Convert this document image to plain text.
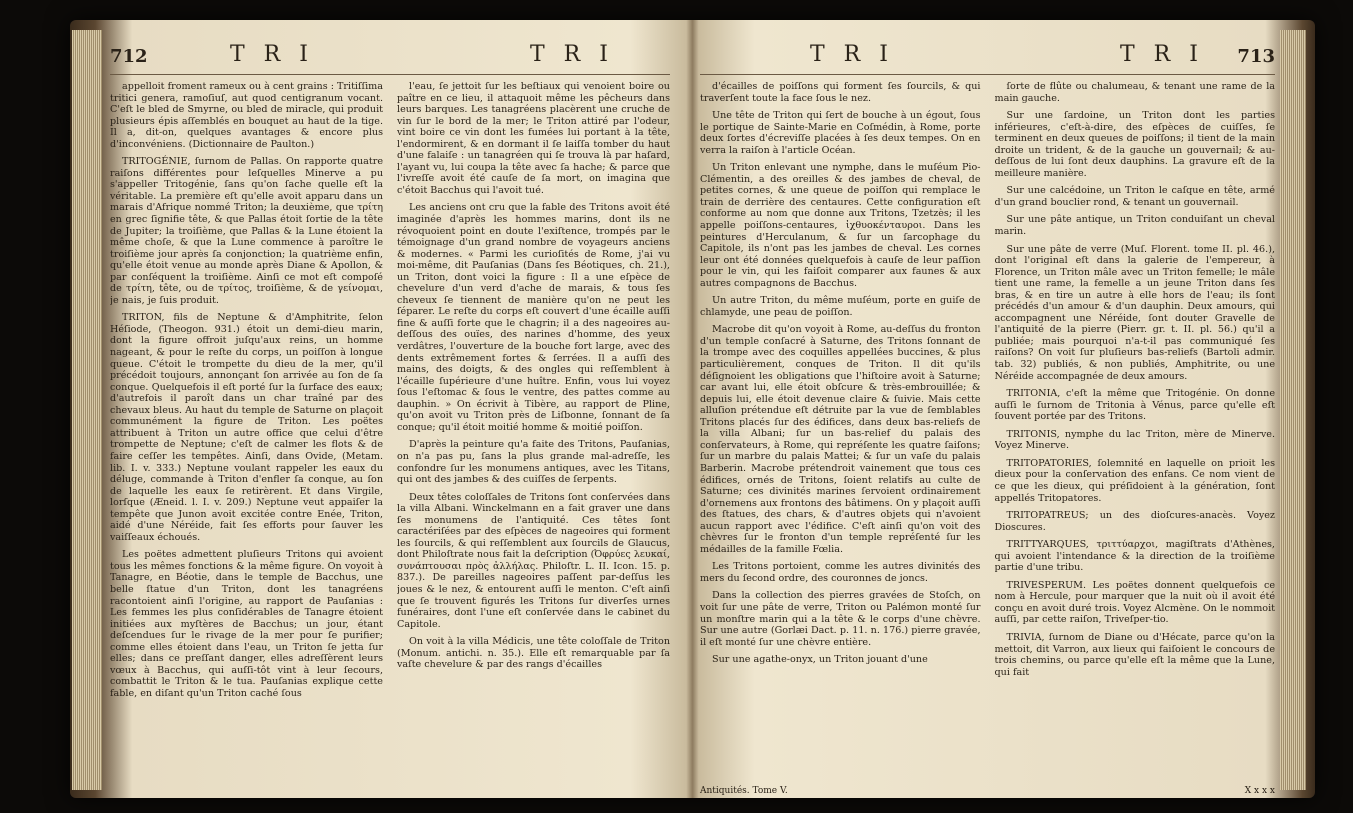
712	T R I	T R I

appelloit froment rameux ou à cent grains : Tritiſſima tritici genera, ramoſiuſ, aut quod centigranum vocant. C'eſt le bled de Smyrne, ou bled de miracle, qui produit plusieurs épis aſſemblés en bouquet au haut de la tige. Il a, dit-on, quelques avantages & encore plus d'inconvéniens. (Dictionnaire de Paulton.)

TRITOGÉNIE, ſurnom de Pallas. On rapporte quatre raiſons différentes pour leſquelles Minerve a pu s'appeller Tritogénie, ſans qu'on ſache quelle eſt la véritable. La première eſt qu'elle avoit apparu dans un marais d'Afrique nommé Triton; la deuxième, que τρίτη en grec ſignifie tête, & que Pallas étoit ſortie de la tête de Jupiter; la troiſième, que Pallas & la Lune étoient la même choſe, & que la Lune commence à paroître le troiſième jour après ſa conjonction; la quatrième enfin, qu'elle étoit venue au monde après Diane & Apollon, & par conſéquent la troiſième. Ainſi ce mot eſt compoſé de τρίτη, tête, ou de τρίτος, troiſième, & de γείνομαι, je nais, je ſuis produit.

TRITON, fils de Neptune & d'Amphitrite, ſelon Héſiode, (Theogon. 931.) étoit un demi-dieu marin, dont la figure offroit juſqu'aux reins, un homme nageant, & pour le reſte du corps, un poiſſon à longue queue. C'étoit le trompette du dieu de la mer, qu'il précédoit toujours, annonçant ſon arrivée au ſon de ſa conque. Quelquefois il eſt porté ſur la ſurface des eaux; d'autrefois il paroît dans un char traîné par des chevaux bleus. Au haut du temple de Saturne on plaçoit communément la figure de Triton. Les poëtes attribuent à Triton un autre office que celui d'être trompette de Neptune; c'eſt de calmer les flots & de faire ceſſer les tempêtes. Ainſi, dans Ovide, (Metam. lib. I. v. 333.) Neptune voulant rappeler les eaux du déluge, commande à Triton d'enfler ſa conque, au ſon de laquelle les eaux ſe retirèrent. Et dans Virgile, lorſque (Æneid. l. I. v. 209.) Neptune veut appaiſer la tempête que Junon avoit excitée contre Enée, Triton, aidé d'une Néréide, fait ſes efforts pour ſauver les vaiſſeaux échoués.

Les poëtes admettent pluſieurs Tritons qui avoient tous les mêmes fonctions & la même figure. On voyoit à Tanagre, en Béotie, dans le temple de Bacchus, une belle ſtatue d'un Triton, dont les tanagréens racontoient ainſi l'origine, au rapport de Pauſanias : Les femmes les plus conſidérables de Tanagre étoient initiées aux myſtères de Bacchus; un jour, étant deſcendues ſur le rivage de la mer pour ſe purifier; comme elles étoient dans l'eau, un Triton ſe jetta ſur elles; dans ce preſſant danger, elles adreſſèrent leurs vœux à Bacchus, qui auſſi-tôt vint à leur ſecours, combattit le Triton & le tua. Pauſanias explique cette fable, en diſant qu'un Triton caché ſous

l'eau, ſe jettoit ſur les beſtiaux qui venoient boire ou paître en ce lieu, il attaquoit même les pêcheurs dans leurs barques. Les tanagréens placèrent une cruche de vin ſur le bord de la mer; le Triton attiré par l'odeur, vint boire ce vin dont les fumées lui portant à la tête, l'endormirent, & en dormant il ſe laiſſa tomber du haut d'une falaiſe : un tanagréen qui ſe trouva là par haſard, l'ayant vu, lui coupa la tête avec ſa hache; & parce que l'ivreſſe avoit été cauſe de ſa mort, on imagina que c'étoit Bacchus qui l'avoit tué.

Les anciens ont cru que la fable des Tritons avoit été imaginée d'après les hommes marins, dont ils ne révoquoient point en doute l'exiſtence, trompés par le témoignage d'un grand nombre de voyageurs anciens & modernes. « Parmi les curioſités de Rome, j'ai vu moi-même, dit Pauſanias (Dans ſes Béotiques, ch. 21.), un Triton, dont voici la figure : Il a une eſpèce de chevelure d'un verd d'ache de marais, & tous ſes cheveux ſe tiennent de manière qu'on ne peut les ſéparer. Le reſte du corps eſt couvert d'une écaille auſſi fine & auſſi forte que le chagrin; il a des nageoires au-deſſous des ouïes, des narines d'homme, des yeux verdâtres, l'ouverture de la bouche fort large, avec des dents extrêmement fortes & ſerrées. Il a auſſi des mains, des doigts, & des ongles qui reſſemblent à l'écaille ſupérieure d'une huître. Enfin, vous lui voyez ſous l'eſtomac & ſous le ventre, des pattes comme au dauphin. » On écrivit à Tibère, au rapport de Pline, qu'on avoit vu Triton près de Liſbonne, ſonnant de ſa conque; qu'il étoit moitié homme & moitié poiſſon.

D'après la peinture qu'a faite des Tritons, Pauſanias, on n'a pas pu, ſans la plus grande mal-adreſſe, les confondre ſur les monumens antiques, avec les Titans, qui ont des jambes & des cuiſſes de ſerpents.

Deux têtes coloſſales de Tritons ſont conſervées dans la villa Albani. Winckelmann en a fait graver une dans ſes monumens de l'antiquité. Ces têtes ſont caractériſées par des eſpèces de nageoires qui forment les ſourcils, & qui reſſemblent aux ſourcils de Glaucus, dont Philoſtrate nous fait la deſcription (Ὀφρύες λευκαί, συνάπτουσαι πρὸς ἀλλήλας. Philoſtr. L. II. Icon. 15. p. 837.). De pareilles nageoires paſſent par-deſſus les joues & le nez, & entourent auſſi le menton. C'eſt ainſi que ſe trouvent figurés les Tritons ſur diverſes urnes funéraires, dont l'une eſt conſervée dans le cabinet du Capitole.

On voit à la villa Médicis, une tête coloſſale de Triton (Monum. antichi. n. 35.). Elle eſt remarquable par ſa vaſte chevelure & par des rangs d'écailles

T R I	T R I 713

d'écailles de poiſſons qui forment ſes ſourcils, & qui traverſent toute la face ſous le nez.

Une tête de Triton qui ſert de bouche à un égout, ſous le portique de Sainte-Marie en Coſmédin, à Rome, porte deux ſortes d'écreviſſe placées à ſes deux tempes. On en verra la raiſon à l'article Océan.

Un Triton enlevant une nymphe, dans le muſéum Pio-Clémentin, a des oreilles & des jambes de cheval, de petites cornes, & une queue de poiſſon qui remplace le train de derrière des centaures. Cette configuration eſt conforme au nom que donne aux Tritons, Tzetzès; il les appelle poiſſons-centaures, ἰχθυοκένταυροι. Dans les peintures d'Herculanum, & ſur un ſarcophage du Capitole, ils n'ont pas les jambes de cheval. Les cornes leur ont été données quelquefois à cauſe de leur paſſion pour le vin, qui les faiſoit comparer aux faunes & aux autres compagnons de Bacchus.

Un autre Triton, du même muſéum, porte en guiſe de chlamyde, une peau de poiſſon.

Macrobe dit qu'on voyoit à Rome, au-deſſus du fronton d'un temple conſacré à Saturne, des Tritons ſonnant de la trompe avec des coquilles appellées buccines, & plus particulièrement, conques de Triton. Il dit qu'ils déſignoient les obligations que l'hiſtoire avoit à Saturne; car avant lui, elle étoit obſcure & très-embrouillée; & depuis lui, elle étoit devenue claire & ſuivie. Mais cette alluſion prétendue eſt détruite par la vue de ſemblables Tritons placés ſur des édifices, dans deux bas-reliefs de la villa Albani; ſur un bas-relief du palais des conſervateurs, à Rome, qui repréſente les quatre ſaiſons; ſur un marbre du palais Mattei; & ſur un vaſe du palais Barberin. Macrobe prétendroit vainement que tous ces édifices, ornés de Tritons, ſoient relatifs au culte de Saturne; ces divinités marines ſervoient ordinairement d'ornemens aux frontons des bâtimens. On y plaçoit auſſi des ſtatues, des chars, & d'autres objets qui n'avoient aucun rapport avec l'édifice. C'eſt ainſi qu'on voit des chèvres ſur le fronton d'un temple repréſenté ſur les médailles de la famille Fœlia.

Les Tritons portoient, comme les autres divinités des mers du ſecond ordre, des couronnes de joncs.

Dans la collection des pierres gravées de Stoſch, on voit ſur une pâte de verre, Triton ou Palémon monté ſur un monſtre marin qui a la tête & le corps d'une chèvre. Sur une autre (Gorlæi Dact. p. 11. n. 176.) pierre gravée, il eſt monté ſur une chèvre entière.

Sur une agathe-onyx, un Triton jouant d'une

ſorte de flûte ou chalumeau, & tenant une rame de la main gauche.

Sur une ſardoine, un Triton dont les parties inférieures, c'eſt-à-dire, des eſpèces de cuiſſes, ſe terminent en deux queues de poiſſons; il tient de la main droite un trident, & de la gauche un gouvernail; & au-deſſous de lui ſont deux dauphins. La gravure eſt de la meilleure manière.

Sur une calcédoine, un Triton le caſque en tête, armé d'un grand bouclier rond, & tenant un gouvernail.

Sur une pâte antique, un Triton conduiſant un cheval marin.

Sur une pâte de verre (Muſ. Florent. tome II. pl. 46.), dont l'original eſt dans la galerie de l'empereur, à Florence, un Triton mâle avec un Triton femelle; le mâle tient une rame, la femelle a un jeune Triton dans ſes bras, & en tire un autre à elle hors de l'eau; ils ſont précédés d'un amour & d'un dauphin. Deux amours, qui accompagnent une Néréide, ſont douter Gravelle de l'antiquité de la pierre (Pierr. gr. t. II. pl. 56.) qu'il a publiée; mais pourquoi n'a-t-il pas communiqué ſes raiſons? On voit ſur pluſieurs bas-reliefs (Bartoli admir. tab. 32) publiés, & non publiés, Amphitrite, ou une Néréide accompagnée de deux amours.

TRITONIA, c'eſt la même que Tritogénie. On donne auſſi le ſurnom de Tritonia à Vénus, parce qu'elle eſt ſouvent portée par des Tritons.

TRITONIS, nymphe du lac Triton, mère de Minerve. Voyez Minerve.

TRITOPATORIES, ſolemnité en laquelle on prioit les dieux pour la conſervation des enfans. Ce nom vient de ce que les dieux, qui préſidoient à la génération, ſont appellés Tritopatores.

TRITOPATREUS; un des dioſcures-anacès. Voyez Dioscures.

TRITTYARQUES, τριττύαρχοι, magiſtrats d'Athènes, qui avoient l'intendance & la direction de la troiſième partie d'une tribu.

TRIVESPERUM. Les poëtes donnent quelquefois ce nom à Hercule, pour marquer que la nuit où il avoit été conçu en avoit duré trois. Voyez Alcmène. On le nommoit auſſi, par cette raiſon, Triveſper-tio.

TRIVIA, ſurnom de Diane ou d'Hécate, parce qu'on la mettoit, dit Varron, aux lieux qui faiſoient le concours de trois chemins, ou parce qu'elle eſt la même que la Lune, qui fait

Antiquités. Tome V.	X x x x
